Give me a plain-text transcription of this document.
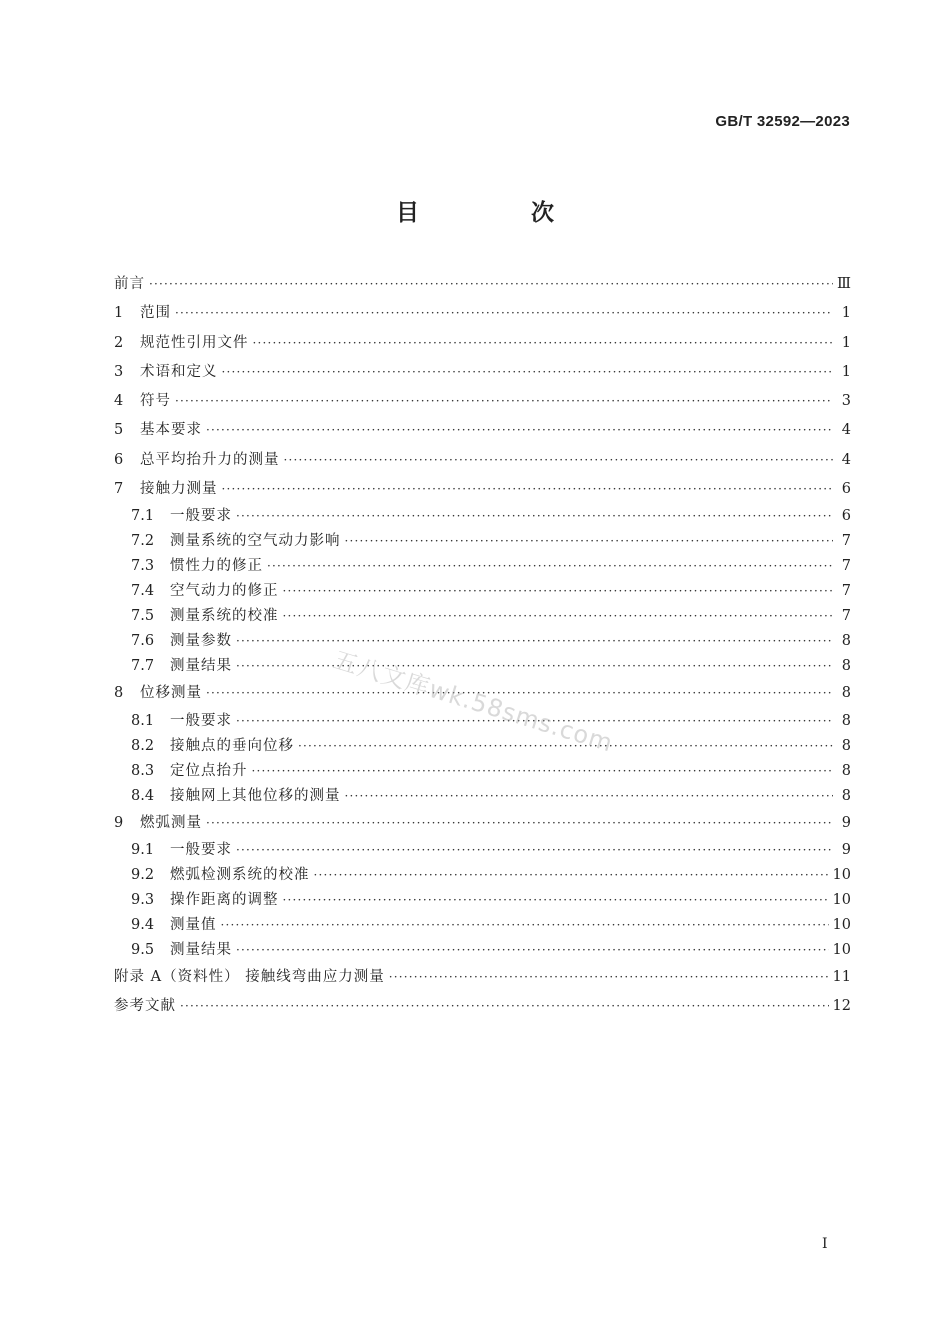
GB/T 32592—2023
目 次
前言 ·····	Ⅲ
1	范围 ·····	1
2	规范性引用文件 ·····	1
3	术语和定义 ·····	1
4	符号 ·····	3
5	基本要求 ·····	4
6	总平均抬升力的测量 ·····	4
7	接触力测量 ·····	6
7.1	一般要求 ·····	6
7.2	测量系统的空气动力影响 ·····	7
7.3	惯性力的修正 ·····	7
7.4	空气动力的修正 ·····	7
7.5	测量系统的校准 ·····	7
7.6	测量参数 ·····	8
7.7	测量结果 ·····	8
8	位移测量 ·····	8
8.1	一般要求 ·····	8
8.2	接触点的垂向位移 ·····	8
8.3	定位点抬升 ·····	8
8.4	接触网上其他位移的测量 ·····	8
9	燃弧测量 ·····	9
9.1	一般要求 ·····	9
9.2	燃弧检测系统的校准 ·····	10
9.3	操作距离的调整 ·····	10
9.4	测量值 ·····	10
9.5	测量结果 ·····	10
附录 A（资料性） 接触线弯曲应力测量 ·····	11
参考文献 ·····	12
五八文库wk.58sms.com
I
